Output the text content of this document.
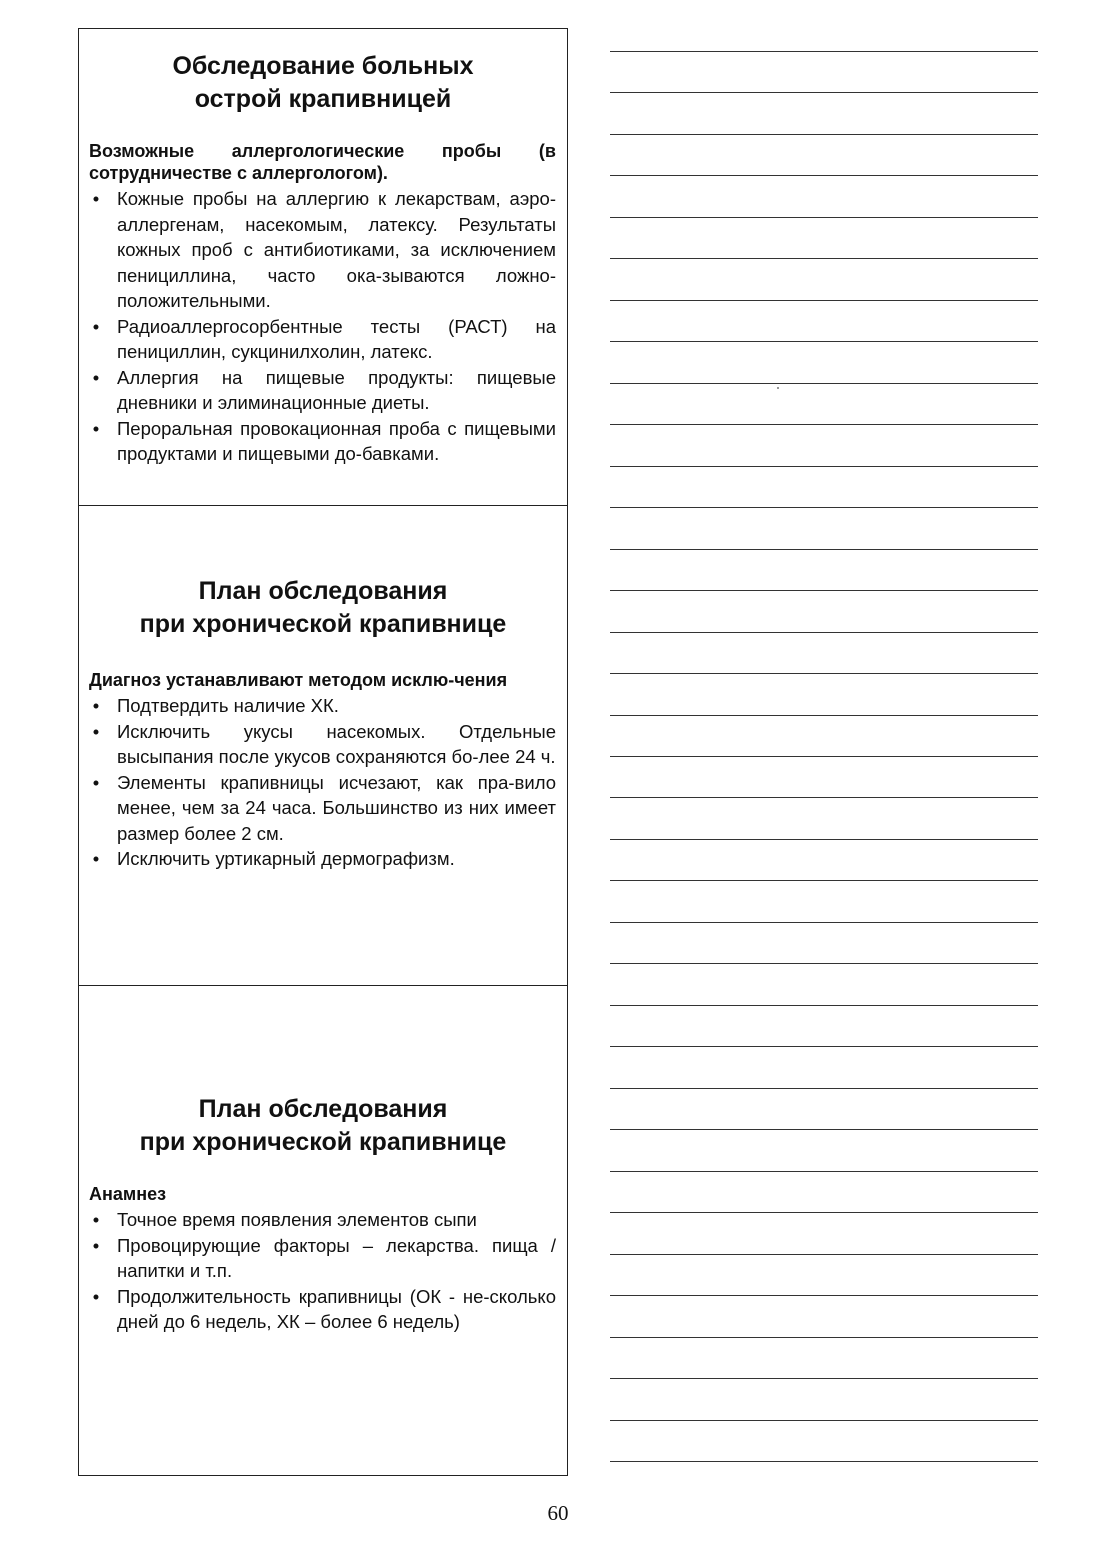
Обследование больных
острой крапивницей
Возможные аллергологические пробы (в сотрудничестве с аллергологом).
• Кожные пробы на аллергию к лекарствам, аэро-аллергенам, насекомым, латексу. Результаты кожных проб с антибиотиками, за исключением пенициллина, часто ока-зываются ложно-положительными.
• Радиоаллергосорбентные тесты (РАСТ) на пенициллин, сукцинилхолин, латекс.
• Аллергия на пищевые продукты: пищевые дневники и элиминационные диеты.
• Пероральная провокационная проба с пищевыми продуктами и пищевыми до-бавками.
План обследования
при хронической крапивнице
Диагноз устанавливают методом исклю-чения
• Подтвердить наличие ХК.
• Исключить укусы насекомых. Отдельные высыпания после укусов сохраняются бо-лее 24 ч.
• Элементы крапивницы исчезают, как пра-вило менее, чем за 24 часа. Большинство из них имеет размер более 2 см.
• Исключить уртикарный дермографизм.
План обследования
при хронической крапивнице
Анамнез
• Точное время появления элементов сыпи
• Провоцирующие факторы – лекарства. пища / напитки и т.п.
• Продолжительность крапивницы (ОК - не-сколько дней до 6 недель, ХК – более 6 недель)
60
